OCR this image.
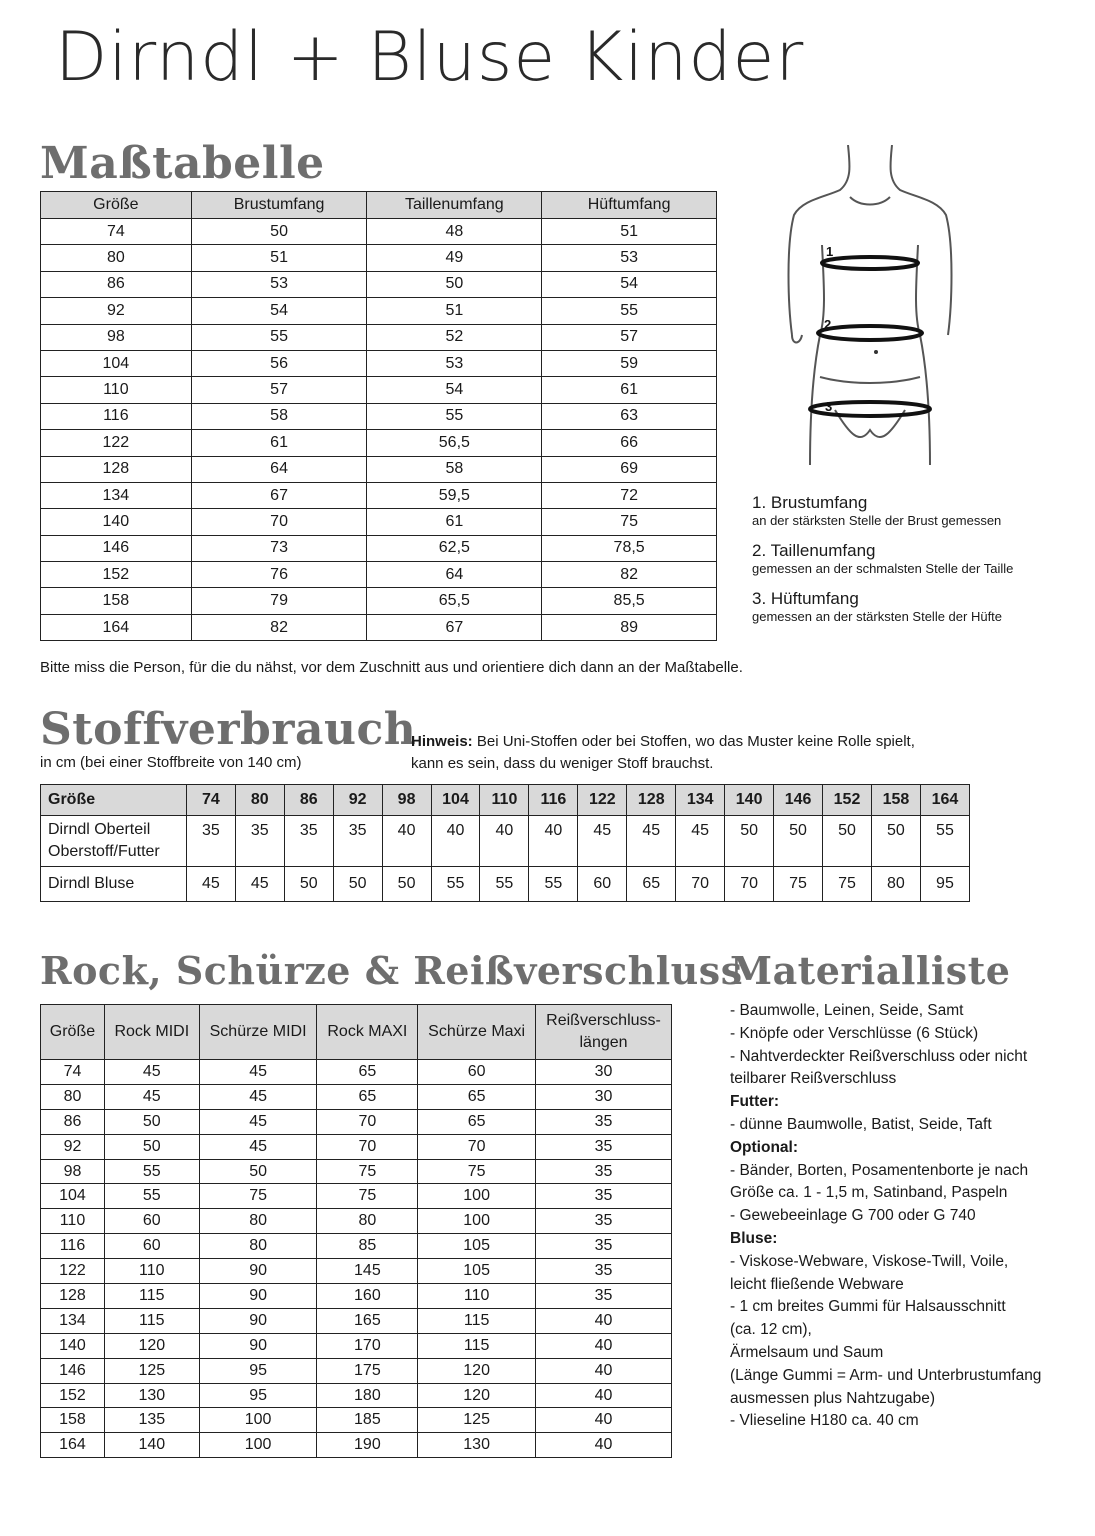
Dirndl + Bluse Kinder
Maßtabelle
Größe	Brustumfang	Taillenumfang	Hüftumfang
74	50	48	51
80	51	49	53
86	53	50	54
92	54	51	55
98	55	52	57
104	56	53	59
110	57	54	61
116	58	55	63
122	61	56,5	66
128	64	58	69
134	67	59,5	72
140	70	61	75
146	73	62,5	78,5
152	76	64	82
158	79	65,5	85,5
164	82	67	89
Bitte miss die Person, für die du nähst, vor dem Zuschnitt aus und orientiere dich dann an der Maßtabelle.
1
2
3
1. Brustumfang
an der stärksten Stelle der Brust gemessen
2. Taillenumfang
gemessen an der schmalsten Stelle der Taille
3. Hüftumfang
gemessen an der stärksten Stelle der Hüfte
Stoffverbrauch
in cm (bei einer Stoffbreite von 140 cm)
Hinweis: Bei Uni-Stoffen oder bei Stoffen, wo das Muster keine Rolle spielt, kann es sein, dass du weniger Stoff brauchst.
Größe	74	80	86	92	98	104	110	116	122	128	134	140	146	152	158	164

Dirndl Oberteil
Oberstoff/Futter	35	35	35	35	40	40	40	40	45	45	45	50	50	50	50	55

Dirndl Bluse	45	45	50	50	50	55	55	55	60	65	70	70	75	75	80	95
Rock, Schürze & Reißverschluss
Größe	Rock MIDI	Schürze MIDI	Rock MAXI	Schürze Maxi	Reißverschluss-
längen

74	45	45	65	60	30
80	45	45	65	65	30
86	50	45	70	65	35
92	50	45	70	70	35
98	55	50	75	75	35
104	55	75	75	100	35
110	60	80	80	100	35
116	60	80	85	105	35
122	110	90	145	105	35
128	115	90	160	110	35
134	115	90	165	115	40
140	120	90	170	115	40
146	125	95	175	120	40
152	130	95	180	120	40
158	135	100	185	125	40
164	140	100	190	130	40
Materialliste
- Baumwolle, Leinen, Seide, Samt
- Knöpfe oder Verschlüsse (6 Stück)
- Nahtverdeckter Reißverschluss oder nicht
teilbarer Reißverschluss
Futter:
- dünne Baumwolle, Batist, Seide, Taft
Optional:
- Bänder, Borten, Posamentenborte je nach
Größe ca. 1 - 1,5 m, Satinband, Paspeln
- Gewebeeinlage G 700 oder G 740
Bluse:
- Viskose-Webware, Viskose-Twill, Voile,
leicht fließende Webware
- 1 cm breites Gummi für Halsausschnitt
(ca. 12 cm),
Ärmelsaum und Saum
(Länge Gummi = Arm- und Unterbrustumfang
ausmessen plus Nahtzugabe)
- Vlieseline H180 ca. 40 cm
